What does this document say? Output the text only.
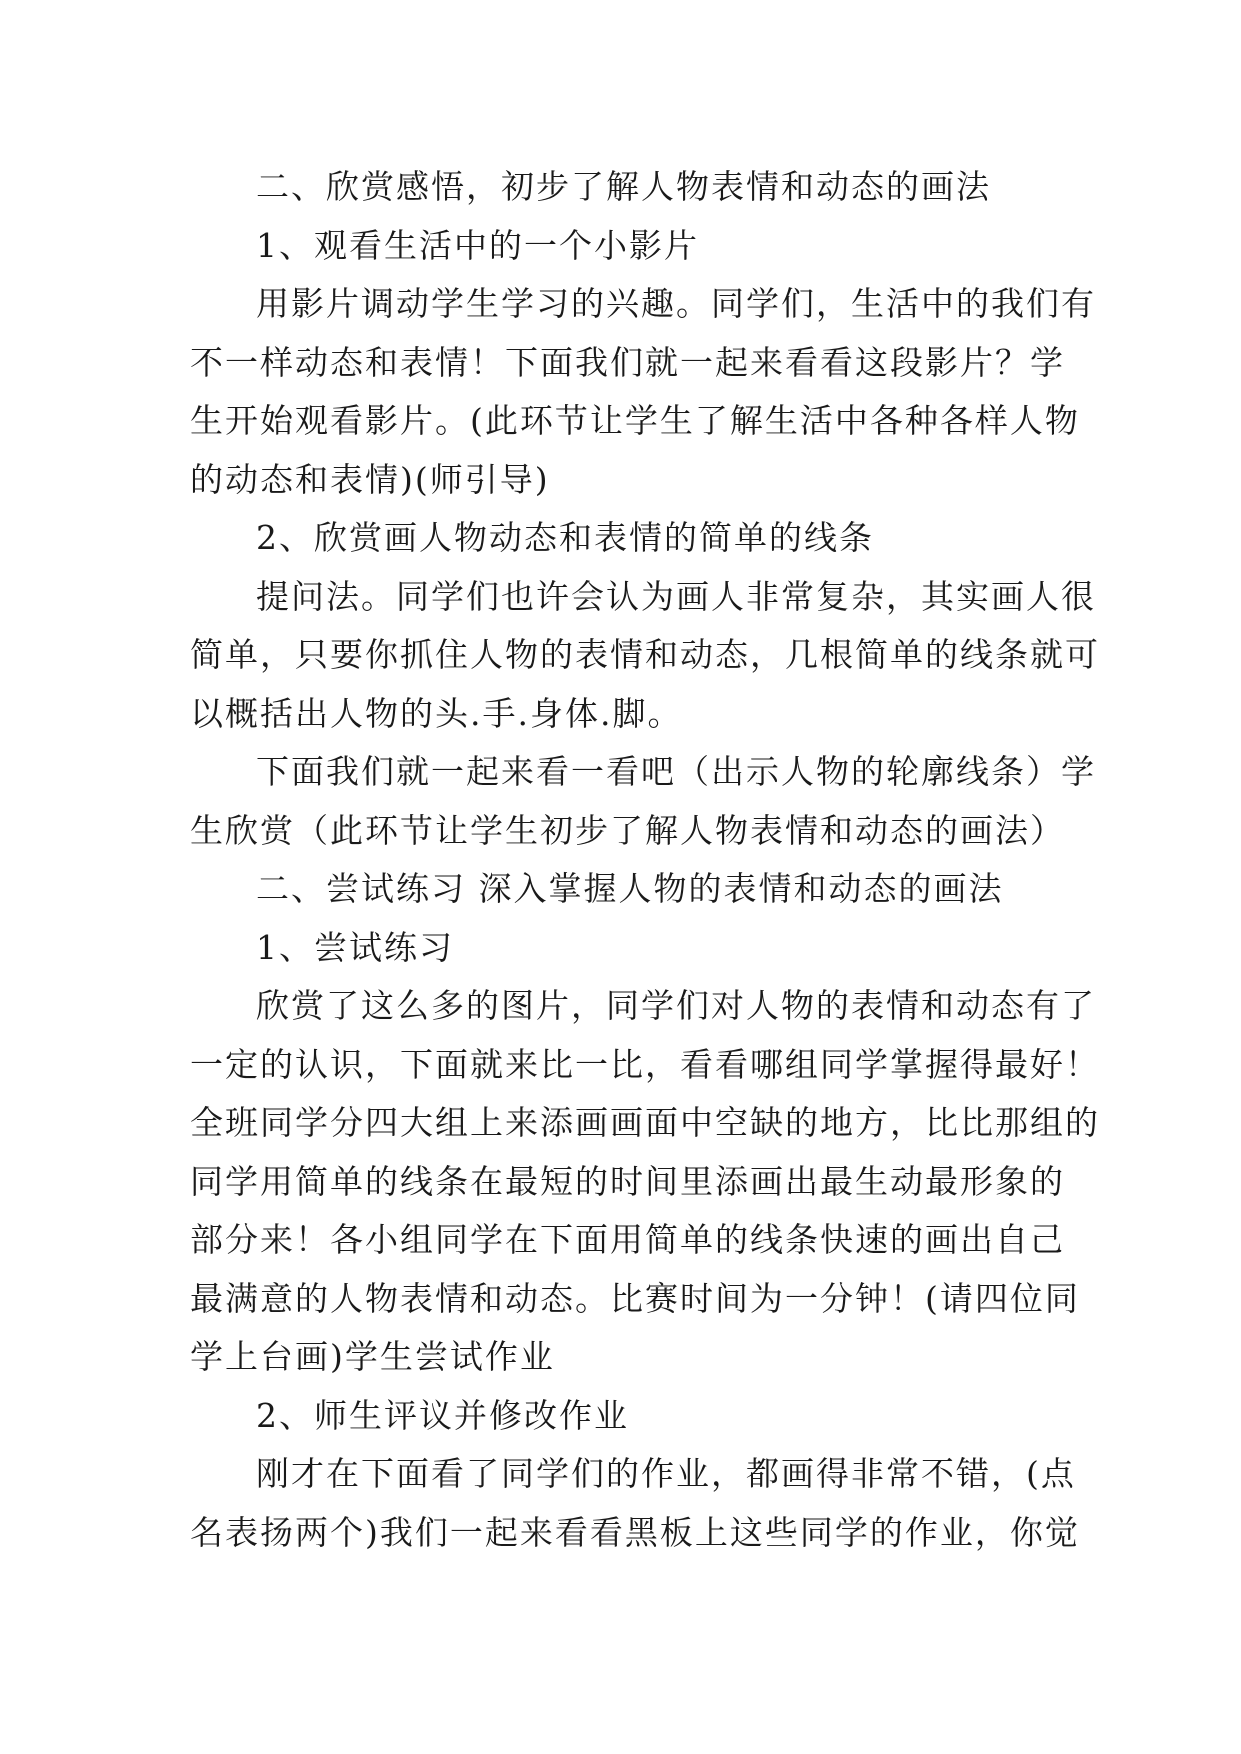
二、欣赏感悟，初步了解人物表情和动态的画法

1、观看生活中的一个小影片

用影片调动学生学习的兴趣。同学们，生活中的我们有

不一样动态和表情！下面我们就一起来看看这段影片？学

生开始观看影片。(此环节让学生了解生活中各种各样人物

的动态和表情)(师引导)

2、欣赏画人物动态和表情的简单的线条

提问法。同学们也许会认为画人非常复杂，其实画人很

简单，只要你抓住人物的表情和动态，几根简单的线条就可

以概括出人物的头.手.身体.脚。

下面我们就一起来看一看吧（出示人物的轮廓线条）学

生欣赏（此环节让学生初步了解人物表情和动态的画法）

二、尝试练习 深入掌握人物的表情和动态的画法

1、尝试练习

欣赏了这么多的图片，同学们对人物的表情和动态有了

一定的认识，下面就来比一比，看看哪组同学掌握得最好！

全班同学分四大组上来添画画面中空缺的地方，比比那组的

同学用简单的线条在最短的时间里添画出最生动最形象的

部分来！各小组同学在下面用简单的线条快速的画出自己

最满意的人物表情和动态。比赛时间为一分钟！(请四位同

学上台画)学生尝试作业

2、师生评议并修改作业

刚才在下面看了同学们的作业，都画得非常不错，(点

名表扬两个)我们一起来看看黑板上这些同学的作业，你觉
